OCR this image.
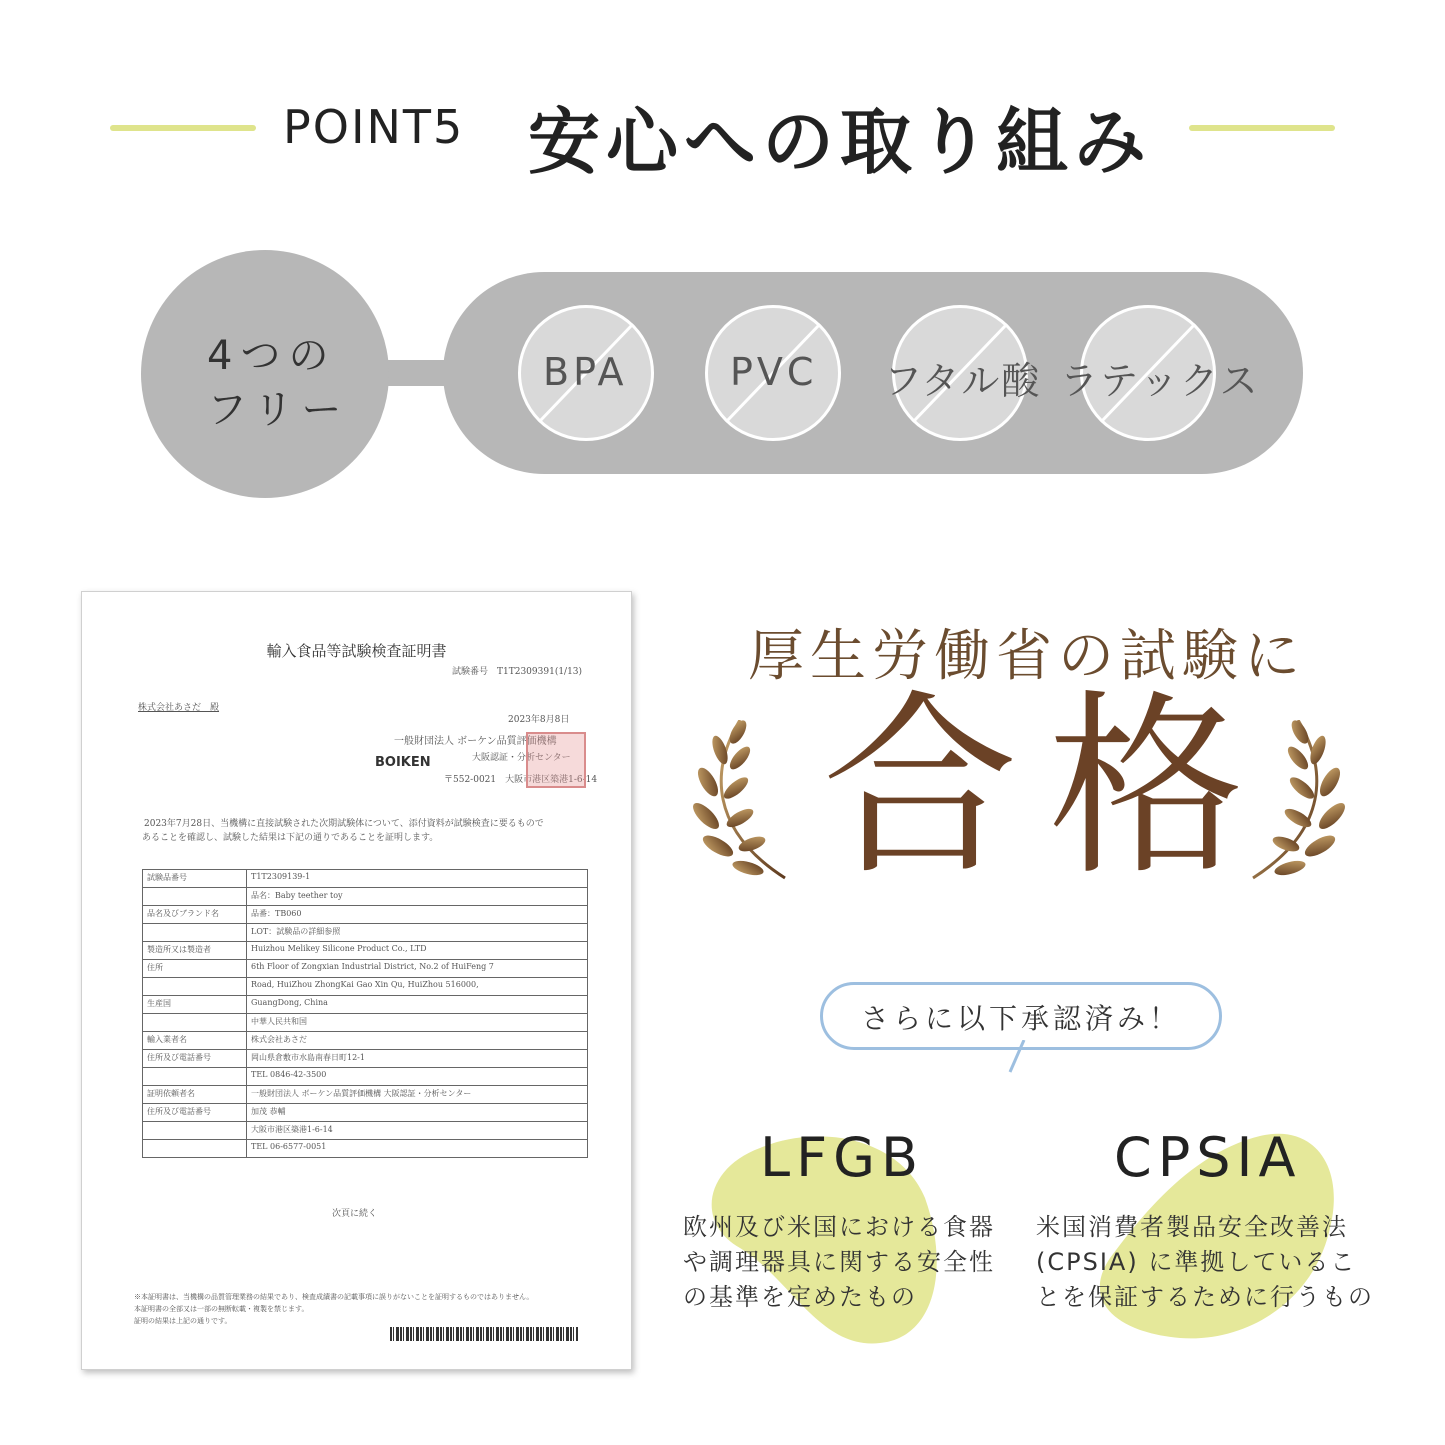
POINT5 安心への取り組み
4つの
フリー
BPA	PVC フタル酸 ラテックス
輸入食品等試験検査証明書
試験番号　T1T2309391(1/13)
株式会社あさだ　殿
2023年8月8日
一般財団法人 ボーケン品質評価機構
大阪認証・分析センター
BOIKEN
〒552-0021　大阪市港区築港1-6-14
2023年7月28日、当機構に直接試験された次期試験体について、添付資料が試験検査に要るもので
あることを確認し、試験した結果は下記の通りであることを証明します。
試験品番号	T1T2309139-1
	品名：Baby teether toy
品名及びブランド名	品番：TB060
	LOT：試験品の詳細参照
製造所又は製造者	Huizhou Melikey Silicone Product Co., LTD
住所	6th Floor of Zongxian Industrial District, No.2 of HuiFeng 7
	Road, HuiZhou ZhongKai Gao Xin Qu, HuiZhou 516000,
生産国	GuangDong, China
	中華人民共和国
輸入業者名	株式会社あさだ
住所及び電話番号	岡山県倉敷市水島南春日町12-1
	TEL 0846-42-3500
証明依頼者名	一般財団法人 ボーケン品質評価機構 大阪認証・分析センター
住所及び電話番号	加茂 恭輔
	大阪市港区築港1-6-14
	TEL 06-6577-0051
次頁に続く
※本証明書は、当機構の品質管理業務の結果であり、検査成績書の記載事項に誤りがないことを証明するものではありません。
本証明書の全部又は一部の無断転載・複製を禁じます。
証明の結果は上記の通りです。
厚生労働省の試験に
合格
さらに以下承認済み！
LFGB
欧州及び米国における食器
や調理器具に関する安全性
の基準を定めたもの
CPSIA
米国消費者製品安全改善法
(CPSIA) に準拠しているこ
とを保証するために行うもの
